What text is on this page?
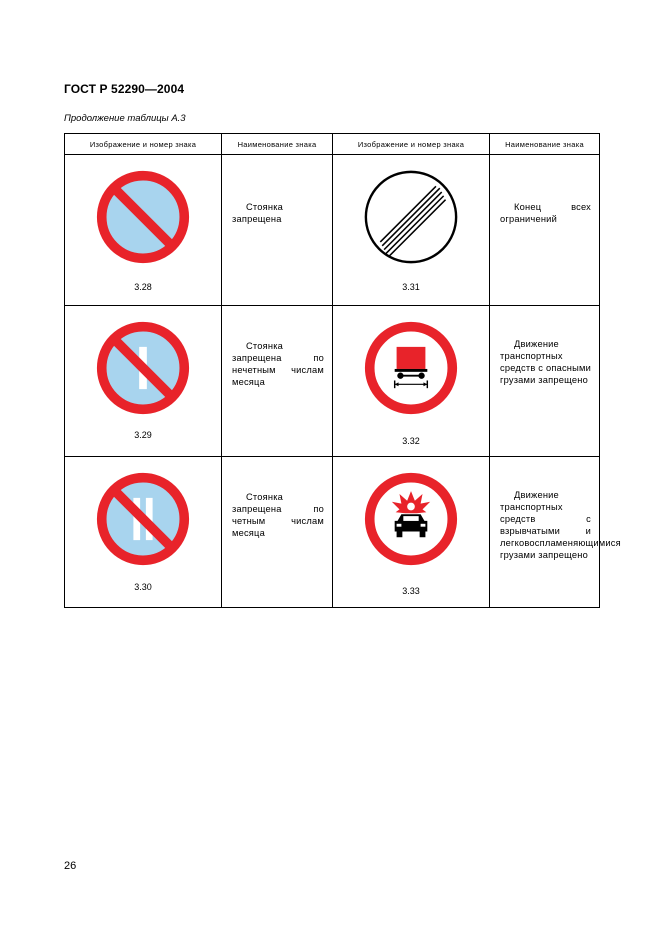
ГОСТ Р 52290—2004
Продолжение таблицы А.3
Изображение и номер знака	Наименование знака	Изображение и номер знака	Наименование знака

3.28	Стоянка запрещена	3.31	Конец всех ограничений

3.29	Стоянка запрещена по нечетным числам месяца	3.32	Движение транспортных средств с опасными грузами запрещено

3.30	Стоянка запрещена по четным числам месяца	3.33	Движение транспортных средств с взрывчатыми и легковоспламеняющимися грузами запрещено
26
